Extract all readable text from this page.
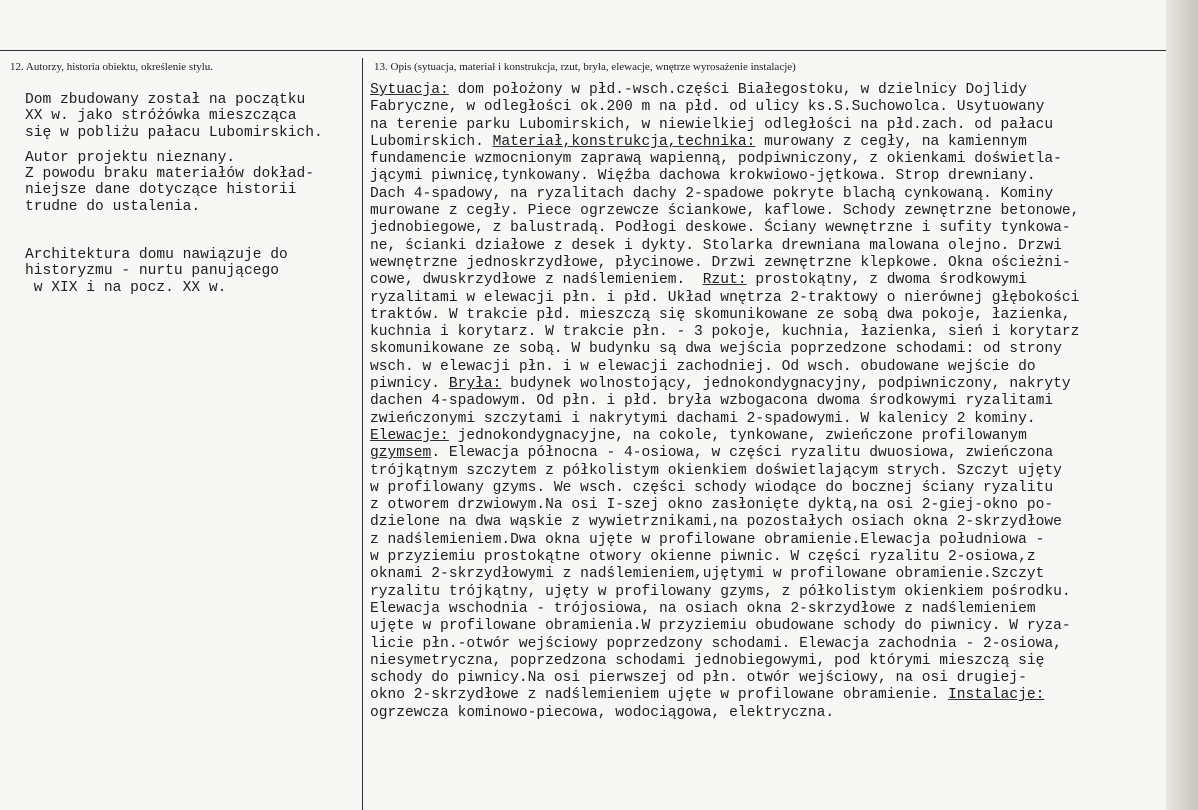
12. Autorzy, historia obiektu, określenie stylu.	13. Opis (sytuacja, materiał i konstrukcja, rzut, bryła, elewacje, wnętrze wyrosażenie instalacje)
Dom zbudowany został na początku
XX w. jako stróżówka mieszcząca
się w pobliżu pałacu Lubomirskich.
Autor projektu nieznany.
Z powodu braku materiałów dokład-
niejsze dane dotyczące historii
trudne do ustalenia.
Architektura domu nawiązuje do
historyzmu - nurtu panującego
w XIX i na pocz. XX w.
Sytuacja: dom położony w płd.-wsch.części Białegostoku, w dzielnicy Dojlidy
Fabryczne, w odległości ok.200 m na płd. od ulicy ks.S.Suchowolca. Usytuowany
na terenie parku Lubomirskich, w niewielkiej odległości na płd.zach. od pałacu
Lubomirskich. Materiał,konstrukcja,technika: murowany z cegły, na kamiennym
fundamencie wzmocnionym zaprawą wapienną, podpiwniczony, z okienkami doświetla-
jącymi piwnicę,tynkowany. Więźba dachowa krokwiowo-jętkowa. Strop drewniany.
Dach 4-spadowy, na ryzalitach dachy 2-spadowe pokryte blachą cynkowaną. Kominy
murowane z cegły. Piece ogrzewcze ściankowe, kaflowe. Schody zewnętrzne betonowe,
jednobiegowe, z balustradą. Podłogi deskowe. Ściany wewnętrzne i sufity tynkowa-
ne, ścianki działowe z desek i dykty. Stolarka drewniana malowana olejno. Drzwi
wewnętrzne jednoskrzydłowe, płycinowe. Drzwi zewnętrzne klepkowe. Okna ościeżni-
cowe, dwuskrzydłowe z nadślemieniem.  Rzut: prostokątny, z dwoma środkowymi
ryzalitami w elewacji płn. i płd. Układ wnętrza 2-traktowy o nierównej głębokości
traktów. W trakcie płd. mieszczą się skomunikowane ze sobą dwa pokoje, łazienka,
kuchnia i korytarz. W trakcie płn. - 3 pokoje, kuchnia, łazienka, sień i korytarz
skomunikowane ze sobą. W budynku są dwa wejścia poprzedzone schodami: od strony
wsch. w elewacji płn. i w elewacji zachodniej. Od wsch. obudowane wejście do
piwnicy. Bryła: budynek wolnostojący, jednokondygnacyjny, podpiwniczony, nakryty
dachen 4-spadowym. Od płn. i płd. bryła wzbogacona dwoma środkowymi ryzalitami
zwieńczonymi szczytami i nakrytymi dachami 2-spadowymi. W kalenicy 2 kominy.
Elewacje: jednokondygnacyjne, na cokole, tynkowane, zwieńczone profilowanym
gzymsem. Elewacja północna - 4-osiowa, w części ryzalitu dwuosiowa, zwieńczona
trójkątnym szczytem z półkolistym okienkiem doświetlającym strych. Szczyt ujęty
w profilowany gzyms. We wsch. części schody wiodące do bocznej ściany ryzalitu
z otworem drzwiowym.Na osi I-szej okno zasłonięte dyktą,na osi 2-giej-okno po-
dzielone na dwa wąskie z wywietrznikami,na pozostałych osiach okna 2-skrzydłowe
z nadślemieniem.Dwa okna ujęte w profilowane obramienie.Elewacja południowa -
w przyziemiu prostokątne otwory okienne piwnic. W części ryzalitu 2-osiowa,z
oknami 2-skrzydłowymi z nadślemieniem,ujętymi w profilowane obramienie.Szczyt
ryzalitu trójkątny, ujęty w profilowany gzyms, z półkolistym okienkiem pośrodku.
Elewacja wschodnia - trójosiowa, na osiach okna 2-skrzydłowe z nadślemieniem
ujęte w profilowane obramienia.W przyziemiu obudowane schody do piwnicy. W ryza-
licie płn.-otwór wejściowy poprzedzony schodami. Elewacja zachodnia - 2-osiowa,
niesymetryczna, poprzedzona schodami jednobiegowymi, pod którymi mieszczą się
schody do piwnicy.Na osi pierwszej od płn. otwór wejściowy, na osi drugiej-
okno 2-skrzydłowe z nadślemieniem ujęte w profilowane obramienie. Instalacje:
ogrzewcza kominowo-piecowa, wodociągowa, elektryczna.
